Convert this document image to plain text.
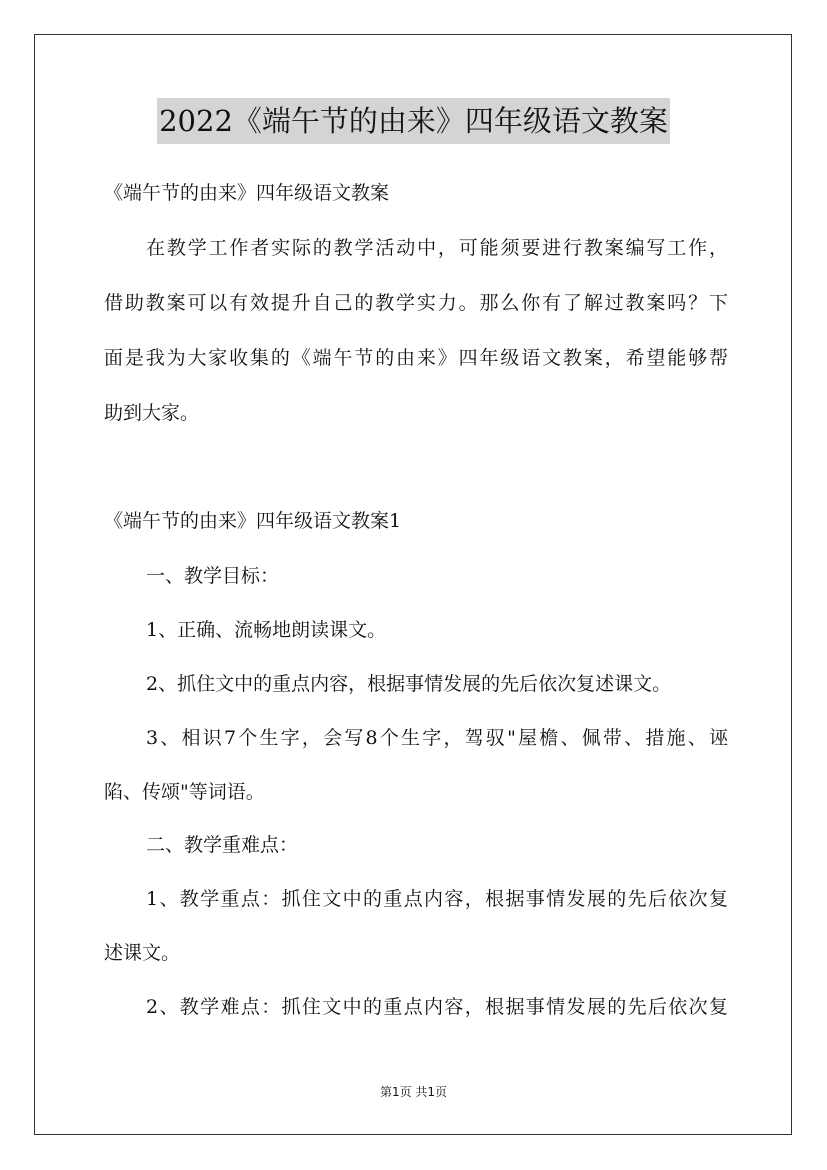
2022《端午节的由来》四年级语文教案
《端午节的由来》四年级语文教案
在教学工作者实际的教学活动中，可能须要进行教案编写工作，
借助教案可以有效提升自己的教学实力。那么你有了解过教案吗？下
面是我为大家收集的《端午节的由来》四年级语文教案，希望能够帮
助到大家。
《端午节的由来》四年级语文教案1
一、教学目标：
1、正确、流畅地朗读课文。
2、抓住文中的重点内容，根据事情发展的先后依次复述课文。
3、相识7个生字，会写8个生字，驾驭"屋檐、佩带、措施、诬
陷、传颂"等词语。
二、教学重难点：
1、教学重点：抓住文中的重点内容，根据事情发展的先后依次复
述课文。
2、教学难点：抓住文中的重点内容，根据事情发展的先后依次复
第1页 共1页
